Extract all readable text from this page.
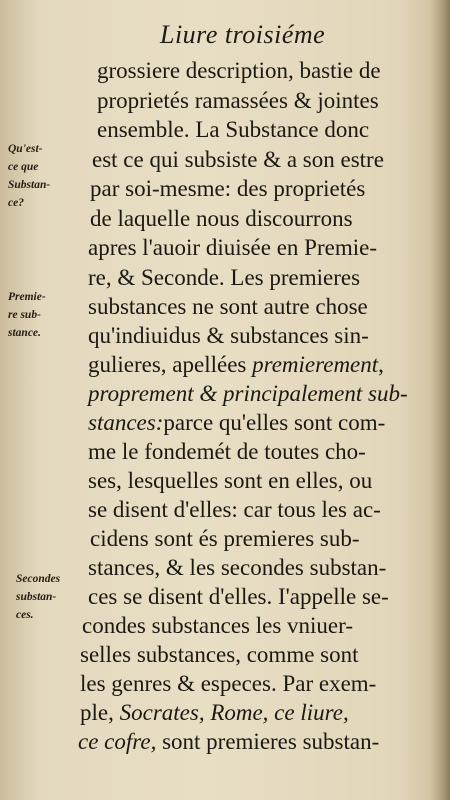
Liure troisiéme
Qu'est-
ce que
Substan-
ce?
Premie-
re sub-
stance.
Secondes
substan-
ces.
grossiere description, bastie de
proprietés ramassées & jointes
ensemble. La Substance donc
est ce qui subsiste & a son estre
par soi-mesme: des proprietés
de laquelle nous discourrons
apres l'auoir diuisée en Premie-
re, & Seconde. Les premieres
substances ne sont autre chose
qu'indiuidus & substances sin-
gulieres, apellées premierement,
proprement & principalement sub-
stances:parce qu'elles sont com-
me le fondemét de toutes cho-
ses, lesquelles sont en elles, ou
se disent d'elles: car tous les ac-
cidens sont és premieres sub-
stances, & les secondes substan-
ces se disent d'elles. I'appelle se-
condes substances les vniuer-
selles substances, comme sont
les genres & especes. Par exem-
ple, Socrates, Rome, ce liure,
ce cofre, sont premieres substan-
